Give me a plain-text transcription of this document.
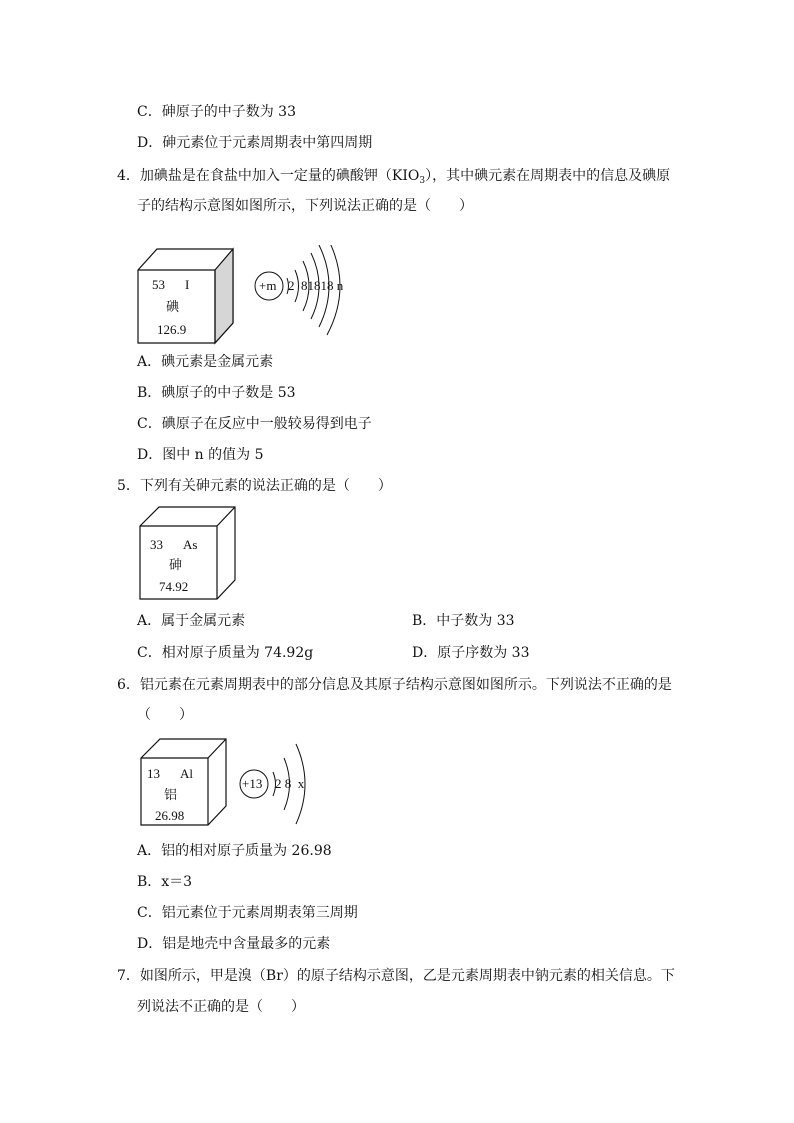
C．砷原子的中子数为 33
D．砷元素位于元素周期表中第四周期
4．加碘盐是在食盐中加入一定量的碘酸钾$(KIO_3)$，其中碘元素在周期表中的信息及碘原
子的结构示意图如图所示，下列说法正确的是（　　）
53 I
碘
126.9
+m 2  81818 n
A．碘元素是金属元素
B．碘原子的中子数是 53
C．碘原子在反应中一般较易得到电子
D．图中 n 的值为 5
5．下列有关砷元素的说法正确的是（　　）
33 As
砷
74.92
A．属于金属元素	B．中子数为 33
C．相对原子质量为 74.92g	D．原子序数为 33
6．铝元素在元素周期表中的部分信息及其原子结构示意图如图所示。下列说法不正确的是
（　　）
13 Al
铝
26.98
+13 2 8  x
A．铝的相对原子质量为 26.98
B．x＝3
C．铝元素位于元素周期表第三周期
D．铝是地壳中含量最多的元素
7．如图所示，甲是溴（Br）的原子结构示意图，乙是元素周期表中钠元素的相关信息。下
列说法不正确的是（　　）
